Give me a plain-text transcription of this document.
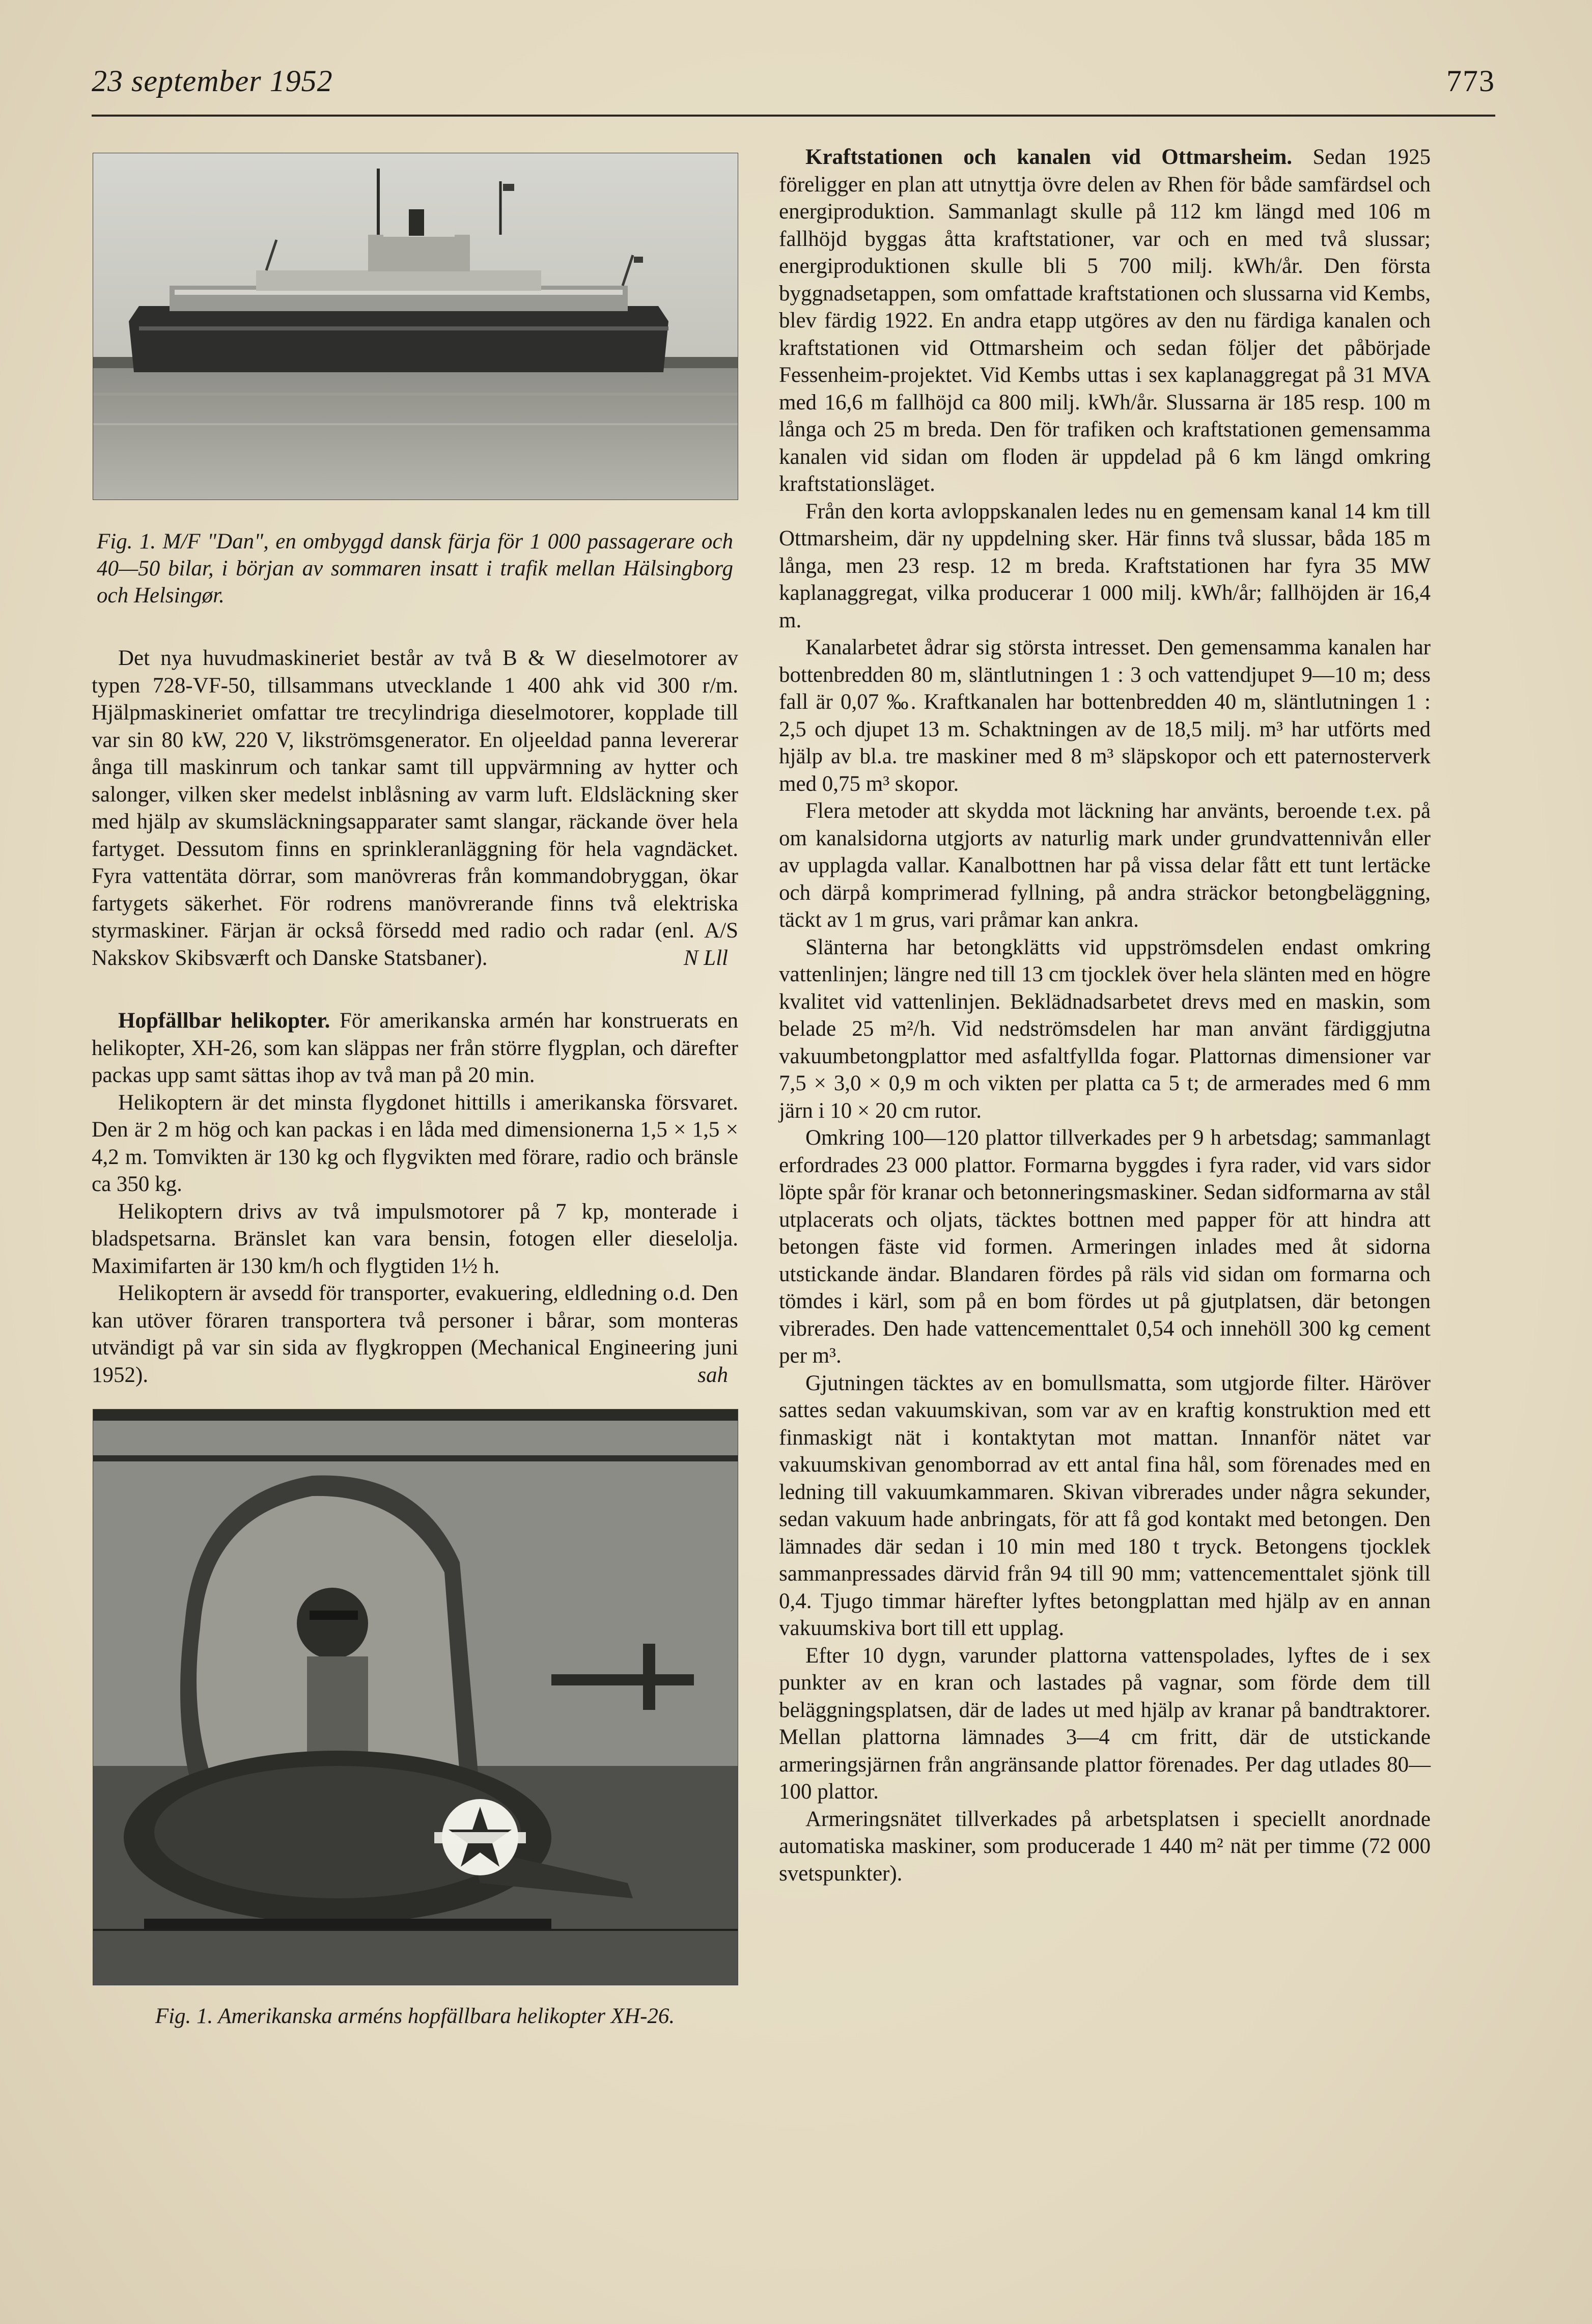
23 september 1952	773
Fig. 1. M/F "Dan", en ombyggd dansk färja för 1 000 passagerare och 40—50 bilar, i början av sommaren insatt i trafik mellan Hälsingborg och Helsingør.

Det nya huvudmaskineriet består av två B & W dieselmotorer av typen 728-VF-50, tillsammans utvecklande 1 400 ahk vid 300 r/m. Hjälpmaskineriet omfattar tre trecylindriga dieselmotorer, kopplade till var sin 80 kW, 220 V, likströmsgenerator. En oljeeldad panna levererar ånga till maskinrum och tankar samt till uppvärmning av hytter och salonger, vilken sker medelst inblåsning av varm luft. Eldsläckning sker med hjälp av skumsläckningsapparater samt slangar, räckande över hela fartyget. Dessutom finns en sprinkleranläggning för hela vagndäcket. Fyra vattentäta dörrar, som manövreras från kommandobryggan, ökar fartygets säkerhet. För rodrens manövrerande finns två elektriska styrmaskiner. Färjan är också försedd med radio och radar (enl. A/S Nakskov Skibsværft och Danske Statsbaner).	N Lll

Hopfällbar helikopter. För amerikanska armén har konstruerats en helikopter, XH-26, som kan släppas ner från större flygplan, och därefter packas upp samt sättas ihop av två man på 20 min.

Helikoptern är det minsta flygdonet hittills i amerikanska försvaret. Den är 2 m hög och kan packas i en låda med dimensionerna 1,5 × 1,5 × 4,2 m. Tomvikten är 130 kg och flygvikten med förare, radio och bränsle ca 350 kg.

Helikoptern drivs av två impulsmotorer på 7 kp, monterade i bladspetsarna. Bränslet kan vara bensin, fotogen eller dieselolja. Maximifarten är 130 km/h och flygtiden 1½ h.

Helikoptern är avsedd för transporter, evakuering, eldledning o.d. Den kan utöver föraren transportera två personer i bårar, som monteras utvändigt på var sin sida av flygkroppen (Mechanical Engineering juni 1952).	sah

Fig. 1. Amerikanska arméns hopfällbara helikopter XH-26.

Kraftstationen och kanalen vid Ottmarsheim. Sedan 1925 föreligger en plan att utnyttja övre delen av Rhen för både samfärdsel och energiproduktion. Sammanlagt skulle på 112 km längd med 106 m fallhöjd byggas åtta kraftstationer, var och en med två slussar; energiproduktionen skulle bli 5 700 milj. kWh/år. Den första byggnadsetappen, som omfattade kraftstationen och slussarna vid Kembs, blev färdig 1922. En andra etapp utgöres av den nu färdiga kanalen och kraftstationen vid Ottmarsheim och sedan följer det påbörjade Fessenheim-projektet. Vid Kembs uttas i sex kaplanaggregat på 31 MVA med 16,6 m fallhöjd ca 800 milj. kWh/år. Slussarna är 185 resp. 100 m långa och 25 m breda. Den för trafiken och kraftstationen gemensamma kanalen vid sidan om floden är uppdelad på 6 km längd omkring kraftstationsläget.

Från den korta avloppskanalen ledes nu en gemensam kanal 14 km till Ottmarsheim, där ny uppdelning sker. Här finns två slussar, båda 185 m långa, men 23 resp. 12 m breda. Kraftstationen har fyra 35 MW kaplanaggregat, vilka producerar 1 000 milj. kWh/år; fallhöjden är 16,4 m.

Kanalarbetet ådrar sig största intresset. Den gemensamma kanalen har bottenbredden 80 m, släntlutningen 1 : 3 och vattendjupet 9—10 m; dess fall är 0,07 ‰. Kraftkanalen har bottenbredden 40 m, släntlutningen 1 : 2,5 och djupet 13 m. Schaktningen av de 18,5 milj. m³ har utförts med hjälp av bl.a. tre maskiner med 8 m³ släpskopor och ett paternosterverk med 0,75 m³ skopor.

Flera metoder att skydda mot läckning har använts, beroende t.ex. på om kanalsidorna utgjorts av naturlig mark under grundvattennivån eller av upplagda vallar. Kanalbottnen har på vissa delar fått ett tunt lertäcke och därpå komprimerad fyllning, på andra sträckor betongbeläggning, täckt av 1 m grus, vari pråmar kan ankra.

Slänterna har betongklätts vid uppströmsdelen endast omkring vattenlinjen; längre ned till 13 cm tjocklek över hela slänten med en högre kvalitet vid vattenlinjen. Beklädnadsarbetet drevs med en maskin, som belade 25 m²/h. Vid nedströmsdelen har man använt färdiggjutna vakuumbetongplattor med asfaltfyllda fogar. Plattornas dimensioner var 7,5 × 3,0 × 0,9 m och vikten per platta ca 5 t; de armerades med 6 mm järn i 10 × 20 cm rutor.

Omkring 100—120 plattor tillverkades per 9 h arbetsdag; sammanlagt erfordrades 23 000 plattor. Formarna byggdes i fyra rader, vid vars sidor löpte spår för kranar och betonneringsmaskiner. Sedan sidformarna av stål utplacerats och oljats, täcktes bottnen med papper för att hindra att betongen fäste vid formen. Armeringen inlades med åt sidorna utstickande ändar. Blandaren fördes på räls vid sidan om formarna och tömdes i kärl, som på en bom fördes ut på gjutplatsen, där betongen vibrerades. Den hade vattencementtalet 0,54 och innehöll 300 kg cement per m³.

Gjutningen täcktes av en bomullsmatta, som utgjorde filter. Häröver sattes sedan vakuumskivan, som var av en kraftig konstruktion med ett finmaskigt nät i kontaktytan mot mattan. Innanför nätet var vakuumskivan genomborrad av ett antal fina hål, som förenades med en ledning till vakuumkammaren. Skivan vibrerades under några sekunder, sedan vakuum hade anbringats, för att få god kontakt med betongen. Den lämnades där sedan i 10 min med 180 t tryck. Betongens tjocklek sammanpressades därvid från 94 till 90 mm; vattencementtalet sjönk till 0,4. Tjugo timmar härefter lyftes betongplattan med hjälp av en annan vakuumskiva bort till ett upplag.

Efter 10 dygn, varunder plattorna vattenspolades, lyftes de i sex punkter av en kran och lastades på vagnar, som förde dem till beläggningsplatsen, där de lades ut med hjälp av kranar på bandtraktorer. Mellan plattorna lämnades 3—4 cm fritt, där de utstickande armeringsjärnen från angränsande plattor förenades. Per dag utlades 80—100 plattor.

Armeringsnätet tillverkades på arbetsplatsen i speciellt anordnade automatiska maskiner, som producerade 1 440 m² nät per timme (72 000 svetspunkter).
